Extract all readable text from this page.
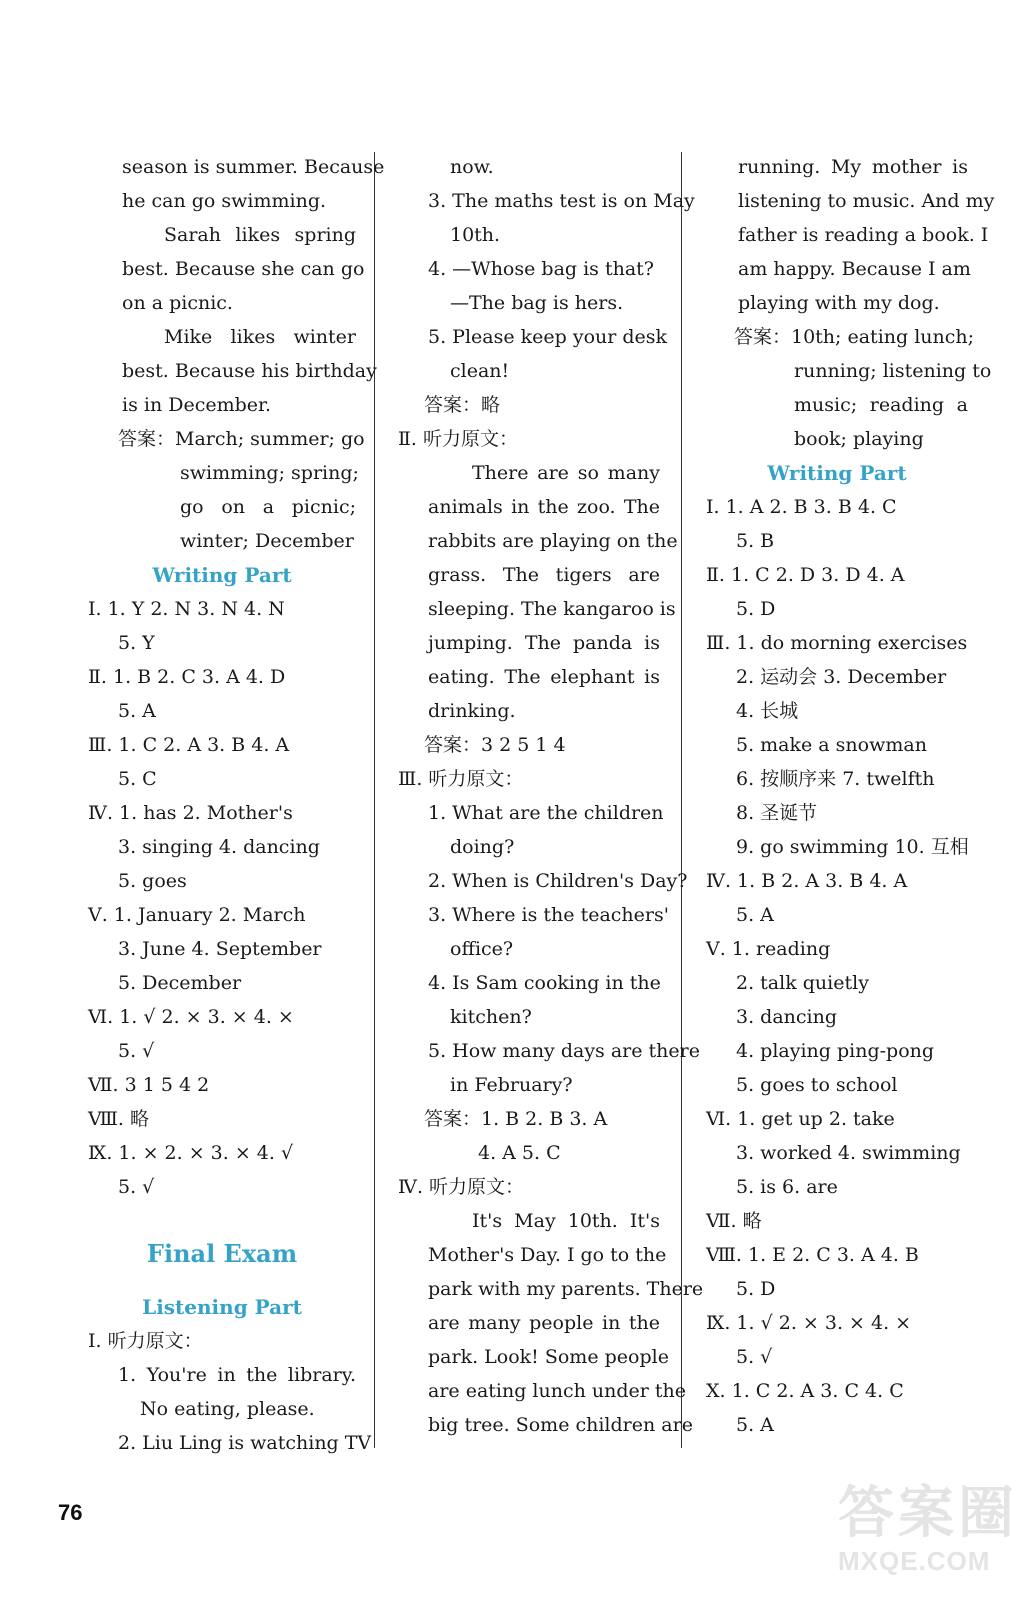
season is summer. Because
he can go swimming.
Sarah likes spring
best. Because she can go
on a picnic.
Mike likes winter
best. Because his birthday
is in December.
答案：March; summer; go
swimming; spring;
go on a picnic;
winter; December
Writing Part
Ⅰ. 1. Y 2. N 3. N 4. N
5. Y
Ⅱ. 1. B 2. C 3. A 4. D
5. A
Ⅲ. 1. C 2. A 3. B 4. A
5. C
Ⅳ. 1. has 2. Mother's
3. singing 4. dancing
5. goes
Ⅴ. 1. January 2. March
3. June 4. September
5. December
Ⅵ. 1. √ 2. × 3. × 4. ×
5. √
Ⅶ. 3 1 5 4 2
Ⅷ. 略
Ⅸ. 1. × 2. × 3. × 4. √
5. √
Final Exam
Listening Part
Ⅰ. 听力原文：
1. You're in the library.
No eating, please.
2. Liu Ling is watching TV
now.
3. The maths test is on May
10th.
4. —Whose bag is that?
—The bag is hers.
5. Please keep your desk
clean!
答案：略
Ⅱ. 听力原文：
There are so many
animals in the zoo. The
rabbits are playing on the
grass. The tigers are
sleeping. The kangaroo is
jumping. The panda is
eating. The elephant is
drinking.
答案：3 2 5 1 4
Ⅲ. 听力原文：
1. What are the children
doing?
2. When is Children's Day?
3. Where is the teachers'
office?
4. Is Sam cooking in the
kitchen?
5. How many days are there
in February?
答案：1. B 2. B 3. A
4. A 5. C
Ⅳ. 听力原文：
It's May 10th. It's
Mother's Day. I go to the
park with my parents. There
are many people in the
park. Look! Some people
are eating lunch under the
big tree. Some children are
running. My mother is
listening to music. And my
father is reading a book. I
am happy. Because I am
playing with my dog.
答案：10th; eating lunch;
running; listening to
music; reading a
book; playing
Writing Part
Ⅰ. 1. A 2. B 3. B 4. C
5. B
Ⅱ. 1. C 2. D 3. D 4. A
5. D
Ⅲ. 1. do morning exercises
2. 运动会 3. December
4. 长城
5. make a snowman
6. 按顺序来 7. twelfth
8. 圣诞节
9. go swimming 10. 互相
Ⅳ. 1. B 2. A 3. B 4. A
5. A
Ⅴ. 1. reading
2. talk quietly
3. dancing
4. playing ping-pong
5. goes to school
Ⅵ. 1. get up 2. take
3. worked 4. swimming
5. is 6. are
Ⅶ. 略
Ⅷ. 1. E 2. C 3. A 4. B
5. D
Ⅸ. 1. √ 2. × 3. × 4. ×
5. √
Ⅹ. 1. C 2. A 3. C 4. C
5. A
76	答案圈
MXQE.COM
